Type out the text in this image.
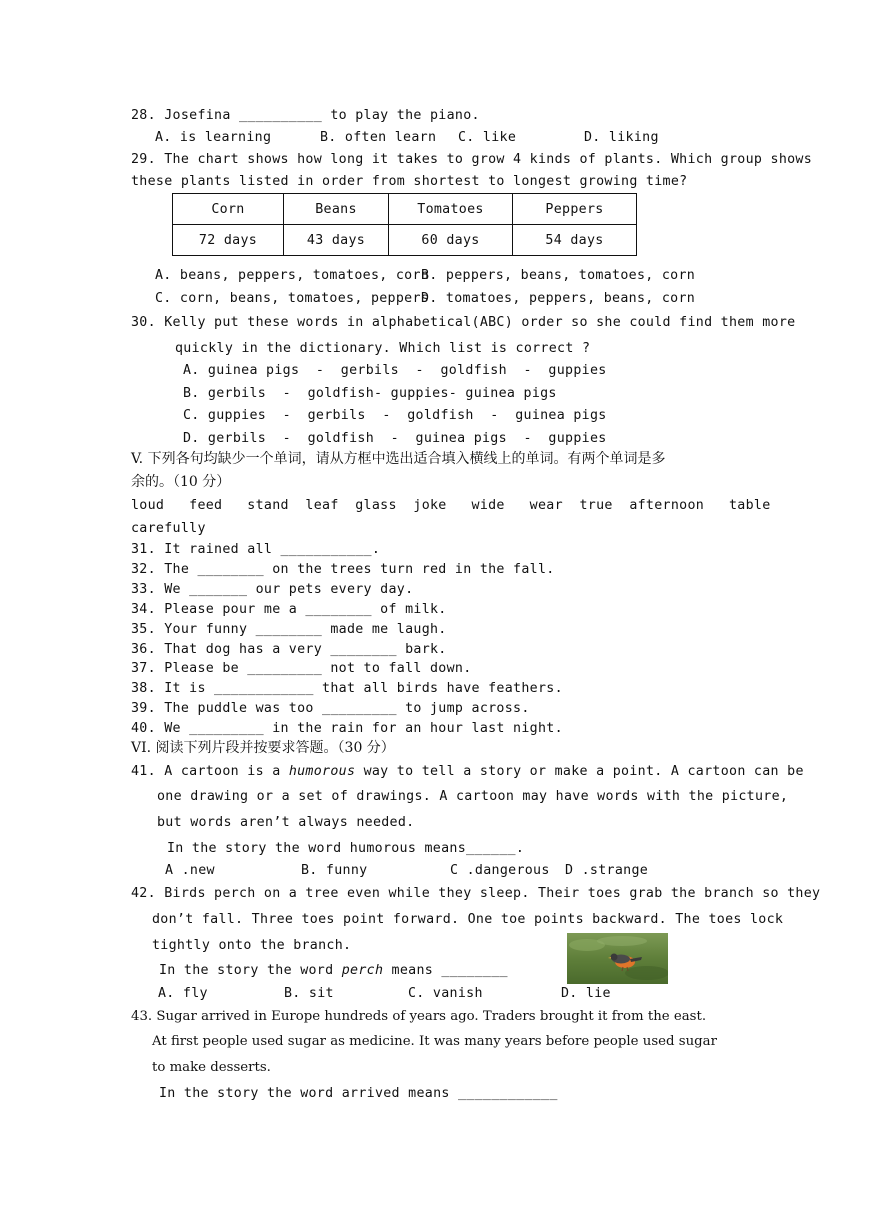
28. Josefina __________ to play the piano.
A. is learning	B. often learn C. like	D. liking
29. The chart shows how long it takes to grow 4 kinds of plants. Which group shows
these plants listed in order from shortest to longest growing time?
Corn	Beans	Tomatoes	Peppers
72 days	43 days	60 days	54 days
A. beans, peppers, tomatoes, corn
B. peppers, beans, tomatoes, corn
C. corn, beans, tomatoes, peppers
D. tomatoes, peppers, beans, corn
30. Kelly put these words in alphabetical(ABC) order so she could find them more
quickly in the dictionary. Which list is correct ?
A. guinea pigs  -  gerbils  -  goldfish  -  guppies
B. gerbils  -  goldfish- guppies- guinea pigs
C. guppies  -  gerbils  -  goldfish  -  guinea pigs
D. gerbils  -  goldfish  -  guinea pigs  -  guppies
V. 下列各句均缺少一个单词，请从方框中选出适合填入横线上的单词。有两个单词是多
余的。（10 分）
loud   feed   stand  leaf  glass  joke   wide   wear  true  afternoon   table
carefully
31. It rained all ___________.
32. The ________ on the trees turn red in the fall.
33. We _______ our pets every day.
34. Please pour me a ________ of milk.
35. Your funny ________ made me laugh.
36. That dog has a very ________ bark.
37. Please be _________ not to fall down.
38. It is ____________ that all birds have feathers.
39. The puddle was too _________ to jump across.
40. We _________ in the rain for an hour last night.
VI. 阅读下列片段并按要求答题。（30 分）
41. A cartoon is a humorous way to tell a story or make a point. A cartoon can be
one drawing or a set of drawings. A cartoon may have words with the picture,
but words aren’t always needed.
In the story the word humorous means______.
A .new	B. funny	C .dangerous D .strange
42. Birds perch on a tree even while they sleep. Their toes grab the branch so they
don’t fall. Three toes point forward. One toe points backward. The toes lock
tightly onto the branch.
In the story the word perch means ________
A. fly	B. sit	C. vanish	D. lie
43. Sugar arrived in Europe hundreds of years ago. Traders brought it from the east.
At first people used sugar as medicine. It was many years before people used sugar
to make desserts.
In the story the word arrived means ____________
